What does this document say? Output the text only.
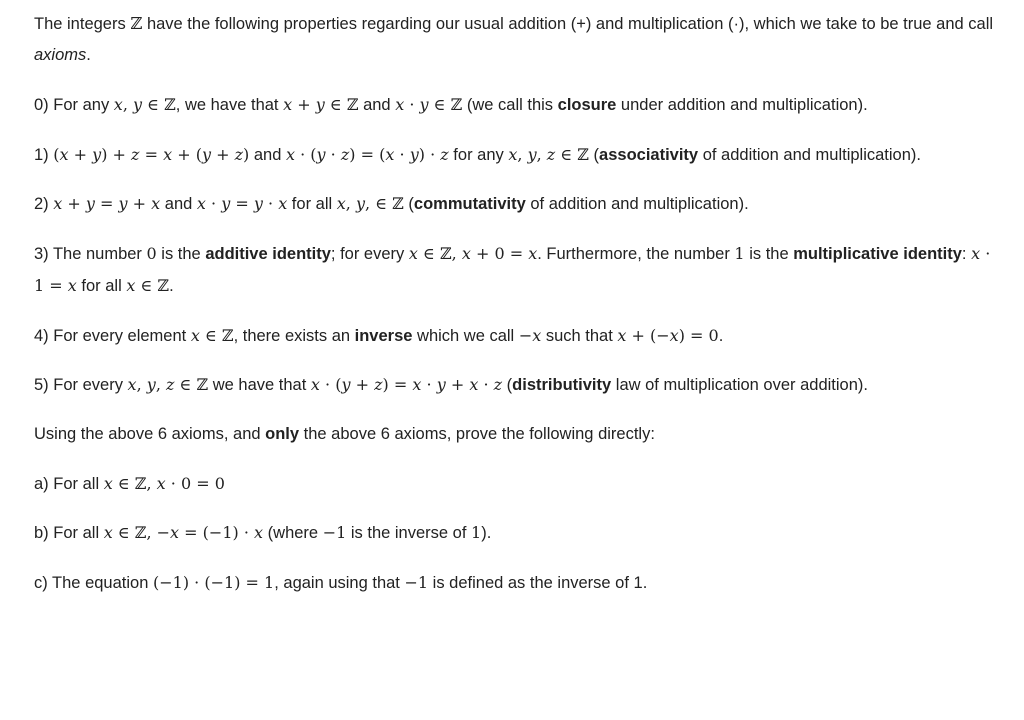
The integers ℤ have the following properties regarding our usual addition (+) and multiplication (·), which we take to be true and call axioms.

0) For any x, y ∈ ℤ, we have that x + y ∈ ℤ and x · y ∈ ℤ (we call this closure under addition and multiplication).

1) (x + y) + z = x + (y + z) and x · (y · z) = (x · y) · z for any x, y, z ∈ ℤ (associativity of addition and multiplication).

2) x + y = y + x and x · y = y · x for all x, y, ∈ ℤ (commutativity of addition and multiplication).

3) The number 0 is the additive identity; for every x ∈ ℤ, x + 0 = x. Furthermore, the number 1 is the multiplicative identity: x · 1 = x for all x ∈ ℤ.

4) For every element x ∈ ℤ, there exists an inverse which we call −x such that x + (−x) = 0.

5) For every x, y, z ∈ ℤ we have that x · (y + z) = x · y + x · z (distributivity law of multiplication over addition).

Using the above 6 axioms, and only the above 6 axioms, prove the following directly:

a) For all x ∈ ℤ, x · 0 = 0

b) For all x ∈ ℤ, −x = (−1) · x (where −1 is the inverse of 1).

c) The equation (−1) · (−1) = 1, again using that −1 is defined as the inverse of 1.
